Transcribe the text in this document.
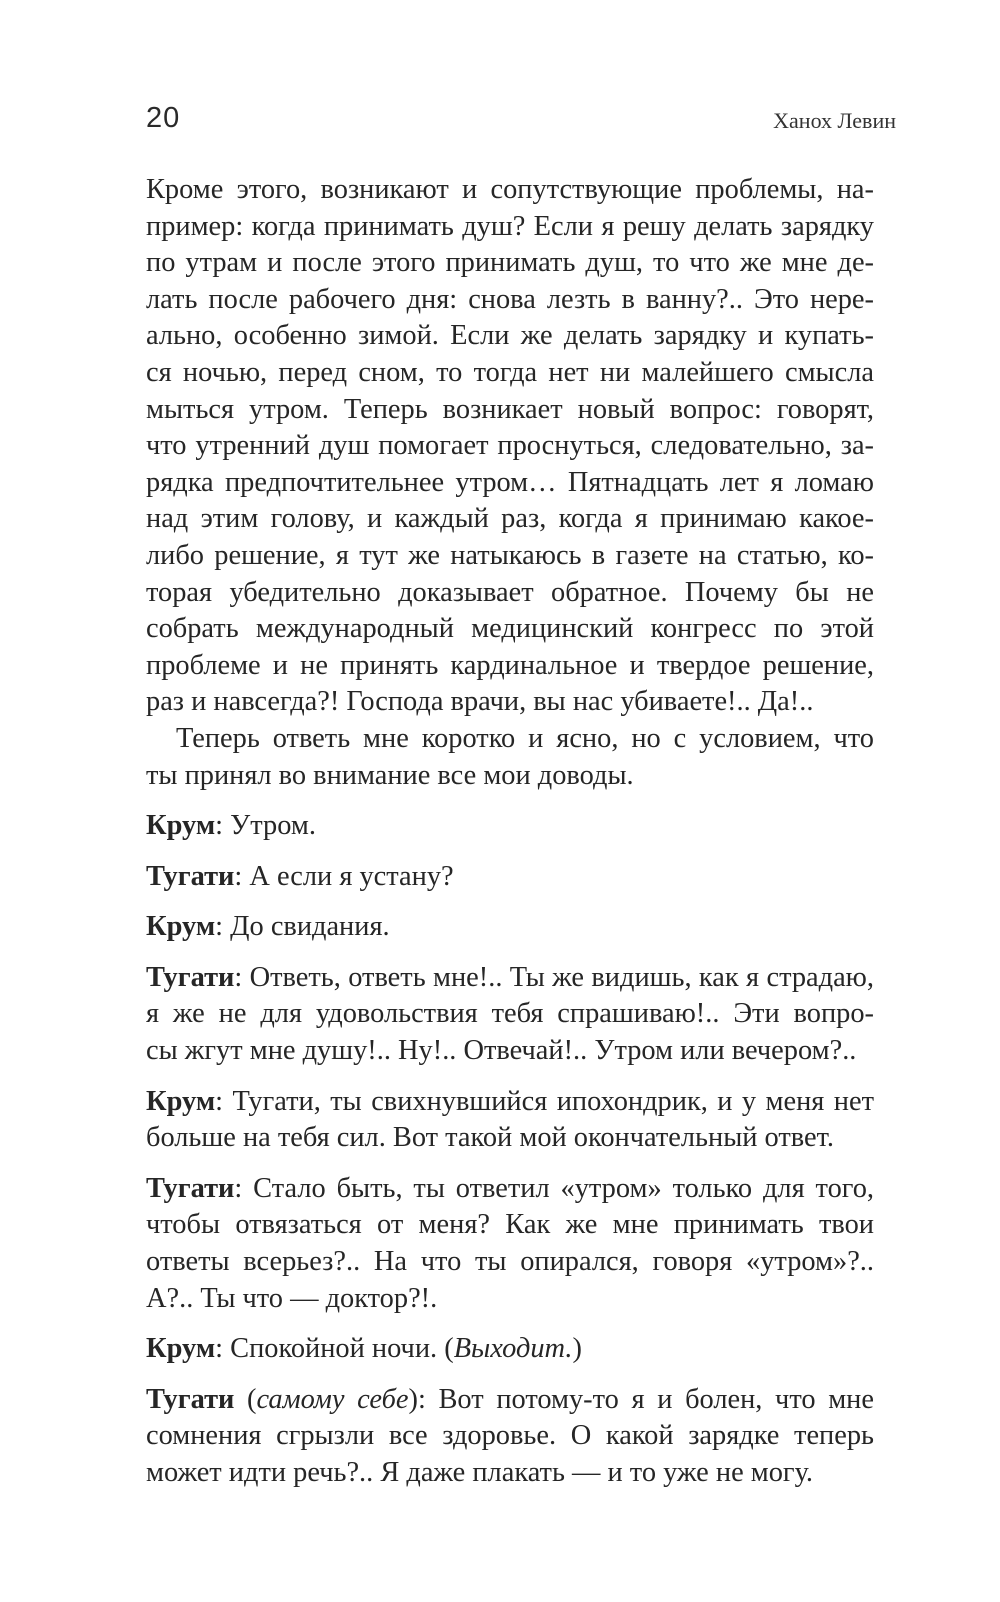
20	Ханох Левин
Кроме этого, возникают и сопутствующие проблемы, на-
пример: когда принимать душ? Если я решу делать зарядку
по утрам и после этого принимать душ, то что же мне де-
лать после рабочего дня: снова лезть в ванну?.. Это нере-
ально, особенно зимой. Если же делать зарядку и купать-
ся ночью, перед сном, то тогда нет ни малейшего смысла
мыться утром. Теперь возникает новый вопрос: говорят,
что утренний душ помогает проснуться, следовательно, за-
рядка предпочтительнее утром… Пятнадцать лет я ломаю
над этим голову, и каждый раз, когда я принимаю какое-
либо решение, я тут же натыкаюсь в газете на статью, ко-
торая убедительно доказывает обратное. Почему бы не
собрать международный медицинский конгресс по этой
проблеме и не принять кардинальное и твердое решение,
раз и навсегда?! Господа врачи, вы нас убиваете!.. Да!..
Теперь ответь мне коротко и ясно, но с условием, что
ты принял во внимание все мои доводы.
Крум: Утром.
Тугати: А если я устану?
Крум: До свидания.
Тугати: Ответь, ответь мне!.. Ты же видишь, как я страдаю,
я же не для удовольствия тебя спрашиваю!.. Эти вопро-
сы жгут мне душу!.. Ну!.. Отвечай!.. Утром или вечером?..
Крум: Тугати, ты свихнувшийся ипохондрик, и у меня нет
больше на тебя сил. Вот такой мой окончательный ответ.
Тугати: Стало быть, ты ответил «утром» только для того,
чтобы отвязаться от меня? Как же мне принимать твои
ответы всерьез?.. На что ты опирался, говоря «утром»?..
А?.. Ты что — доктор?!.
Крум: Спокойной ночи. (Выходит.)
Тугати (самому себе): Вот потому-то я и болен, что мне
сомнения сгрызли все здоровье. О какой зарядке теперь
может идти речь?.. Я даже плакать — и то уже не могу.
